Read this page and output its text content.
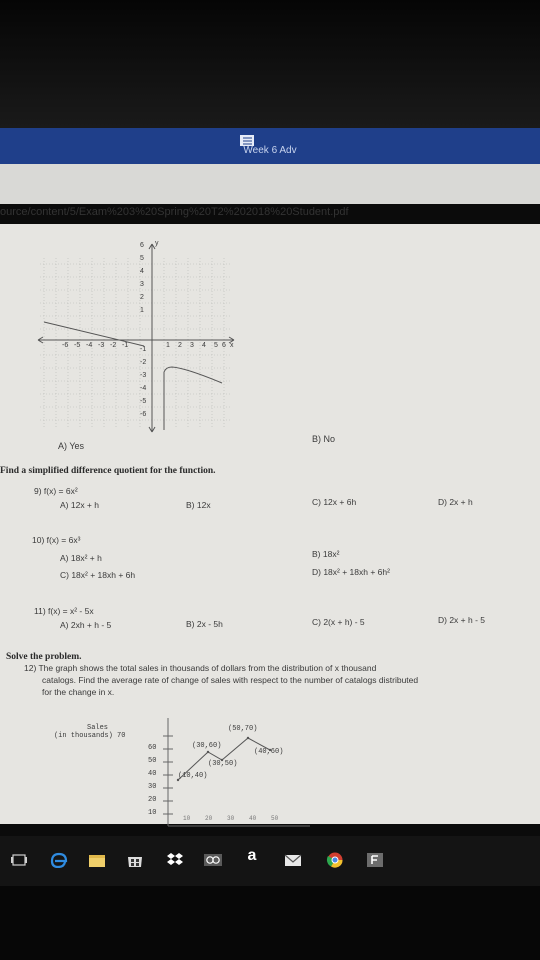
Week 6 Adv
ource/content/5/Exam%203%20Spring%20T2%202018%20Student.pdf
y
x
6
5
4
3
2
1
-1
-2
-3
-4
-5
-6
-6 -5 -4 -3 -2 -1	1 2 3 4 5 6
A) Yes
B) No
Find a simplified difference quotient for the function.
9) f(x) = 6x²
A) 12x + h	B) 12x	C) 12x + 6h	D) 2x + h
10) f(x) = 6x³
A) 18x² + h	B) 18x²
C) 18x² + 18xh + 6h	D) 18x² + 18xh + 6h²
11) f(x) = x² - 5x
A) 2xh + h - 5	B) 2x - 5h	C) 2(x + h) - 5	D) 2x + h - 5
Solve the problem.
12) The graph shows the total sales in thousands of dollars from the distribution of x thousand
catalogs. Find the average rate of change of sales with respect to the number of catalogs distributed
for the change in x.
Sales
(in thousands) 70
60
50
40
30
20
10
(10,40)
(30,60)
(30,50)
(50,70)
(40,60)
10 20 30 40 50
a
